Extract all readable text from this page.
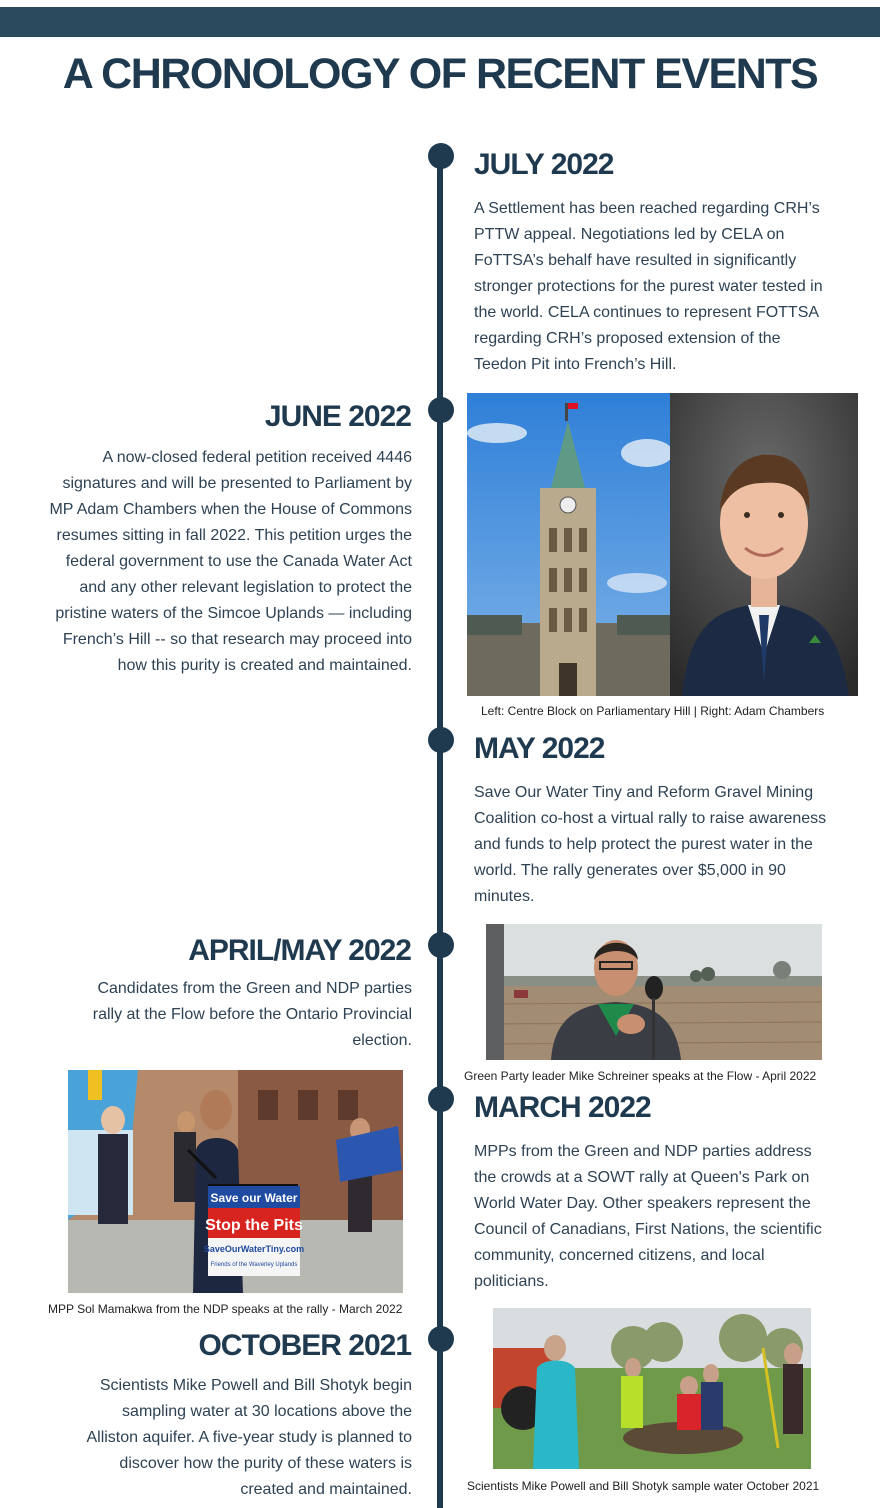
A CHRONOLOGY OF RECENT EVENTS
JULY 2022

A Settlement has been reached regarding CRH’s PTTW appeal. Negotiations led by CELA on FoTTSA’s behalf have resulted in significantly stronger protections for the purest water tested in the world. CELA continues to represent FOTTSA regarding CRH’s proposed extension of the Teedon Pit into French’s Hill.

JUNE 2022

A now-closed federal petition received 4446 signatures and will be presented to Parliament by MP Adam Chambers when the House of Commons resumes sitting in fall 2022. This petition urges the federal government to use the Canada Water Act and any other relevant legislation to protect the pristine waters of the Simcoe Uplands — including French’s Hill -- so that research may proceed into how this purity is created and maintained.

Left: Centre Block on Parliamentary Hill | Right: Adam Chambers

MAY 2022

Save Our Water Tiny and Reform Gravel Mining Coalition co-host a virtual rally to raise awareness and funds to help protect the purest water in the world. The rally generates over $5,000 in 90 minutes.

APRIL/MAY 2022

Candidates from the Green and NDP parties rally at the Flow before the Ontario Provincial election.

Green Party leader Mike Schreiner speaks at the Flow - April 2022

Save our Water
Stop the Pits
SaveOurWaterTiny.com
Friends of the Waverley Uplands

MPP Sol Mamakwa from the NDP speaks at the rally - March 2022

MARCH 2022

MPPs from the Green and NDP parties address the crowds at a SOWT rally at Queen's Park on World Water Day. Other speakers represent the Council of Canadians, First Nations, the scientific community, concerned citizens, and local politicians.

OCTOBER 2021

Scientists Mike Powell and Bill Shotyk begin sampling water at 30 locations above the Alliston aquifer. A five-year study is planned to discover how the purity of these waters is created and maintained.	Scientists Mike Powell and Bill Shotyk sample water October 2021
